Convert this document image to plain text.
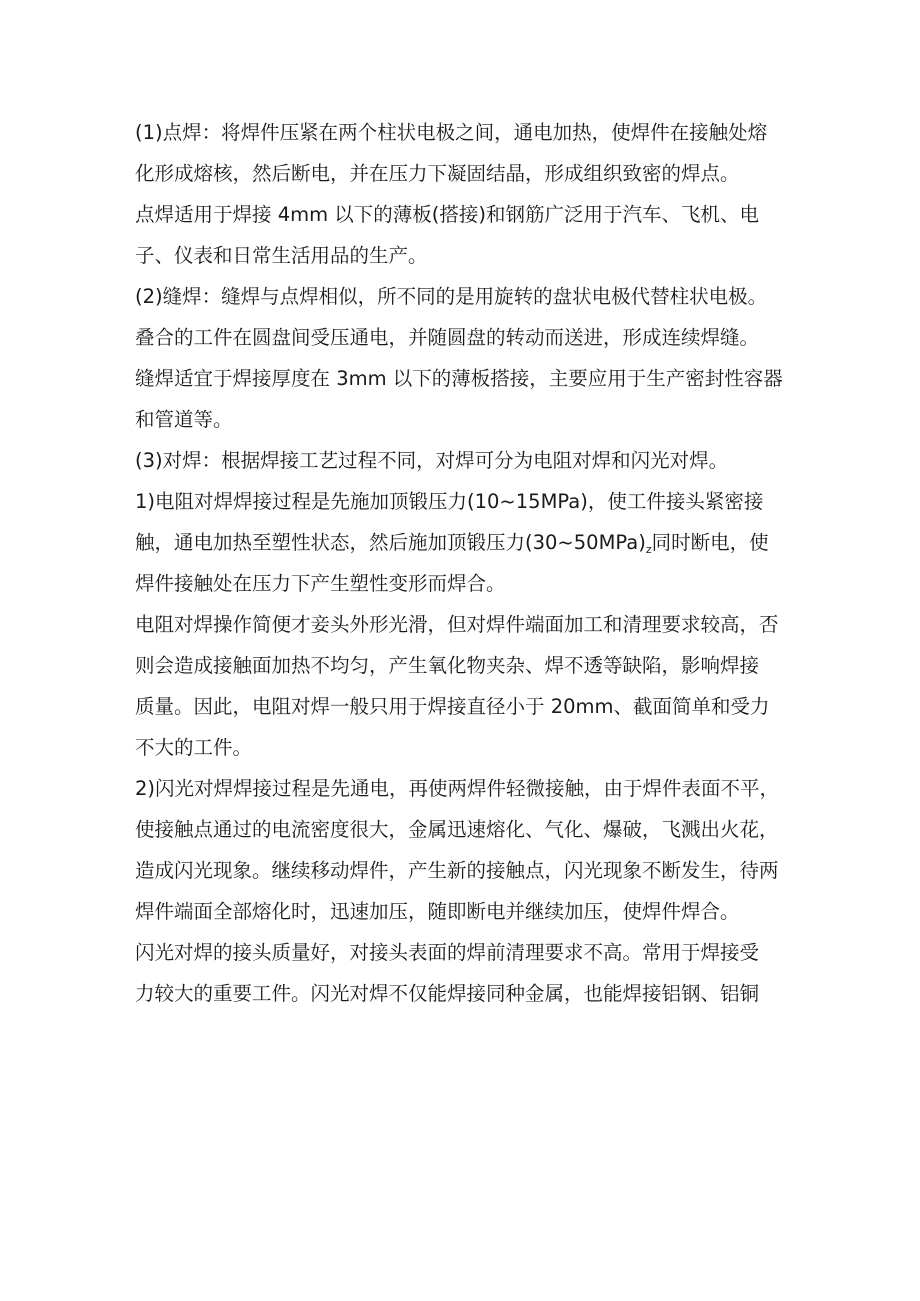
(1)点焊：将焊件压紧在两个柱状电极之间，通电加热，使焊件在接触处熔
化形成熔核，然后断电，并在压力下凝固结晶，形成组织致密的焊点。

点焊适用于焊接 4mm 以下的薄板(搭接)和钢筋广泛用于汽车、飞机、电
子、仪表和日常生活用品的生产。

(2)缝焊：缝焊与点焊相似，所不同的是用旋转的盘状电极代替柱状电极。
叠合的工件在圆盘间受压通电，并随圆盘的转动而送进，形成连续焊缝。

缝焊适宜于焊接厚度在 3mm 以下的薄板搭接，主要应用于生产密封性容器
和管道等。

(3)对焊：根据焊接工艺过程不同，对焊可分为电阻对焊和闪光对焊。

1)电阻对焊焊接过程是先施加顶锻压力(10~15MPa)，使工件接头紧密接
触，通电加热至塑性状态，然后施加顶锻压力$(30\sim 50MPa)_z$同时断电，使
焊件接触处在压力下产生塑性变形而焊合。

电阻对焊操作简便才妾头外形光滑，但对焊件端面加工和清理要求较高，否
则会造成接触面加热不均匀，产生氧化物夹杂、焊不透等缺陷，影响焊接
质量。因此，电阻对焊一般只用于焊接直径小于 20mm、截面简单和受力
不大的工件。

2)闪光对焊焊接过程是先通电，再使两焊件轻微接触，由于焊件表面不平，
使接触点通过的电流密度很大，金属迅速熔化、气化、爆破，飞溅出火花，
造成闪光现象。继续移动焊件，产生新的接触点，闪光现象不断发生，待两
焊件端面全部熔化时，迅速加压，随即断电并继续加压，使焊件焊合。

闪光对焊的接头质量好，对接头表面的焊前清理要求不高。常用于焊接受
力较大的重要工件。闪光对焊不仅能焊接同种金属，也能焊接铝钢、铝铜
